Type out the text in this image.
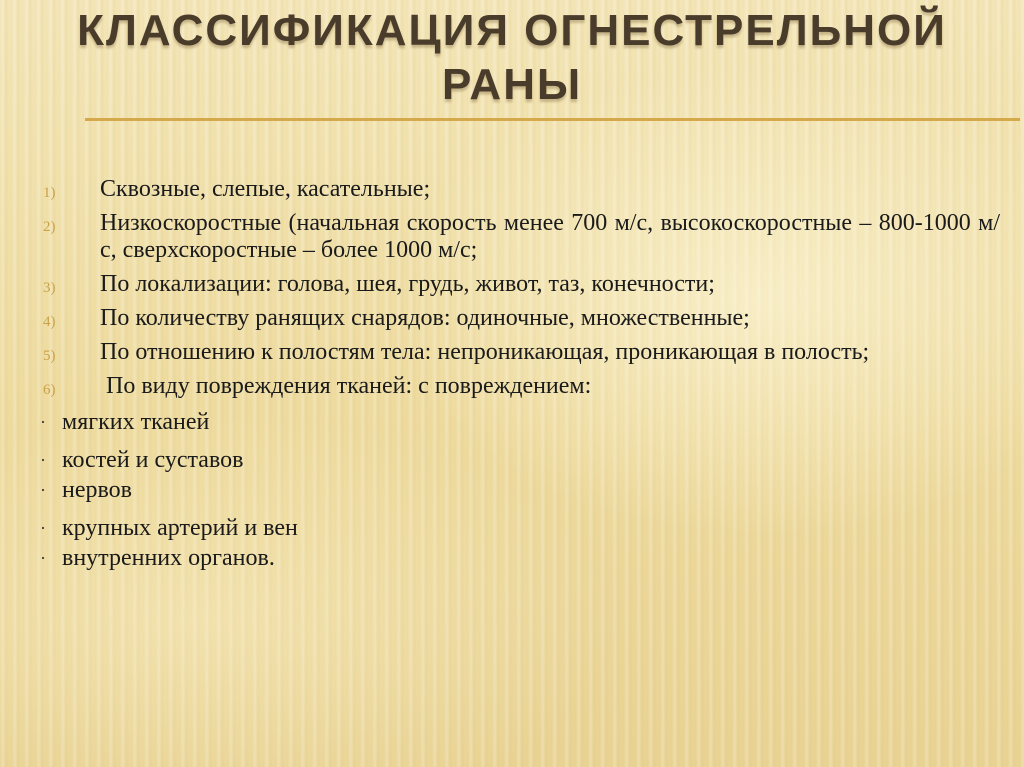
КЛАССИФИКАЦИЯ ОГНЕСТРЕЛЬНОЙ РАНЫ
1) Сквозные, слепые, касательные;
2) Низкоскоростные (начальная скорость менее 700 м/с, высокоскоростные – 800-1000 м/с, сверхскоростные – более 1000 м/с;
3) По локализации: голова, шея, грудь, живот, таз, конечности;
4) По количеству ранящих снарядов: одиночные, множественные;
5) По отношению к полостям тела: непроникающая, проникающая в полость;
6) По виду повреждения тканей: с повреждением:
· мягких тканей
· костей и суставов
· нервов
· крупных артерий и вен
· внутренних органов.
